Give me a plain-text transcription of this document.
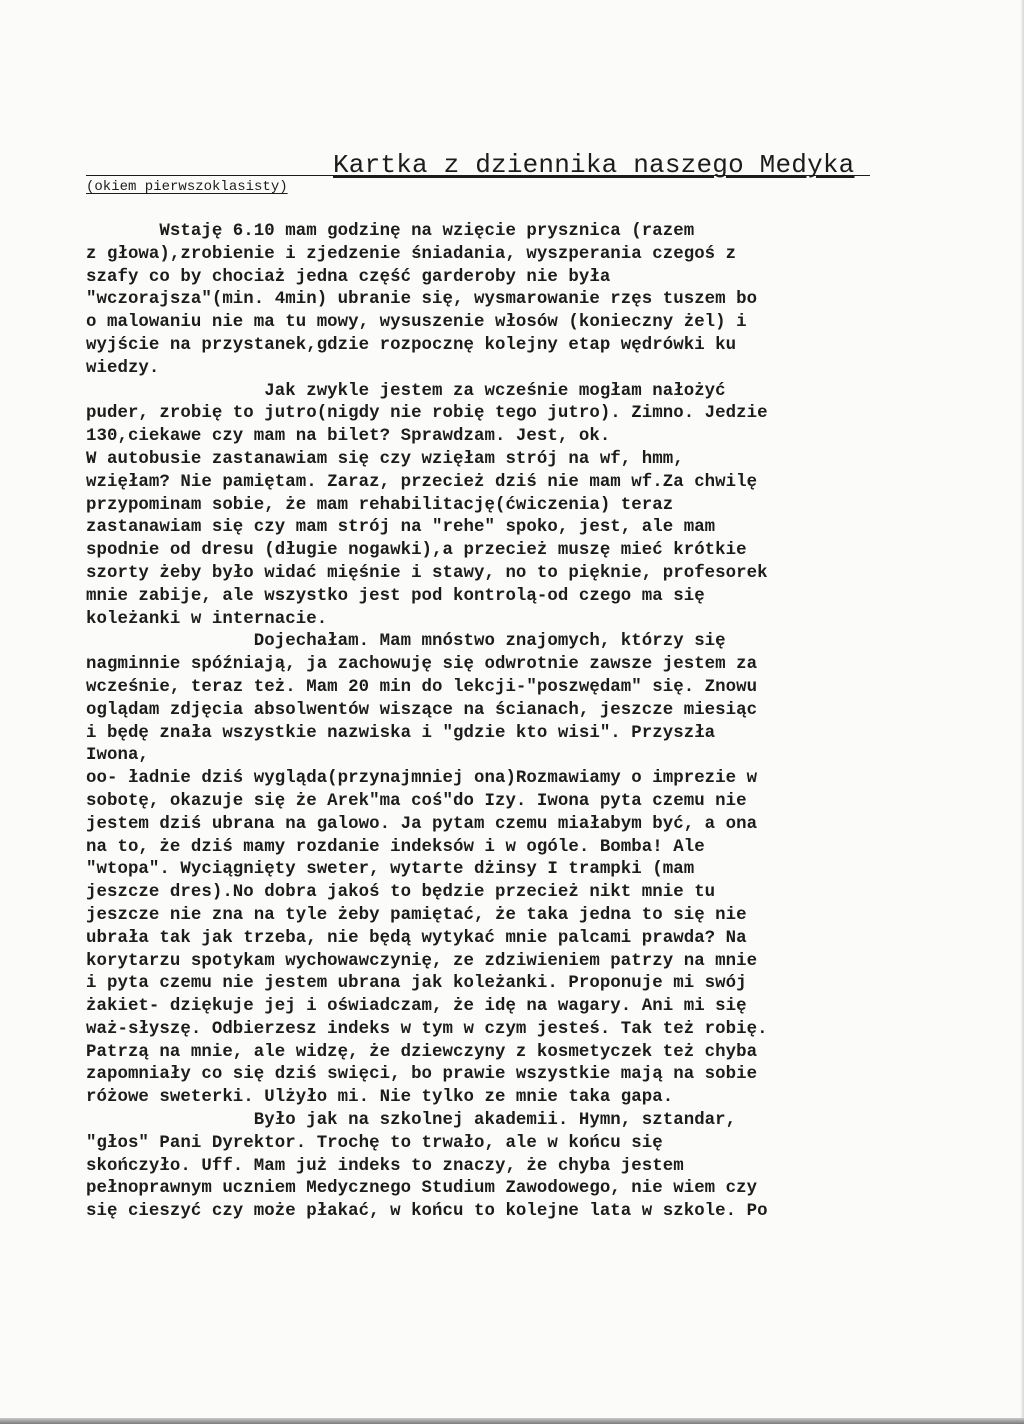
Kartka z dziennika naszego Medyka
(okiem pierwszoklasisty)
Wstaję 6.10 mam godzinę na wzięcie prysznica (razem
z głowa),zrobienie i zjedzenie śniadania, wyszperania czegoś z
szafy co by chociaż jedna część garderoby nie była
"wczorajsza"(min. 4min) ubranie się, wysmarowanie rzęs tuszem bo
o malowaniu nie ma tu mowy, wysuszenie włosów (konieczny żel) i
wyjście na przystanek,gdzie rozpocznę kolejny etap wędrówki ku
wiedzy.
Jak zwykle jestem za wcześnie mogłam nałożyć
puder, zrobię to jutro(nigdy nie robię tego jutro). Zimno. Jedzie
130,ciekawe czy mam na bilet? Sprawdzam. Jest, ok.
W autobusie zastanawiam się czy wzięłam strój na wf, hmm,
wzięłam? Nie pamiętam. Zaraz, przecież dziś nie mam wf.Za chwilę
przypominam sobie, że mam rehabilitację(ćwiczenia) teraz
zastanawiam się czy mam strój na "rehe" spoko, jest, ale mam
spodnie od dresu (długie nogawki),a przecież muszę mieć krótkie
szorty żeby było widać mięśnie i stawy, no to pięknie, profesorek
mnie zabije, ale wszystko jest pod kontrolą-od czego ma się
koleżanki w internacie.
Dojechałam. Mam mnóstwo znajomych, którzy się
nagminnie spóźniają, ja zachowuję się odwrotnie zawsze jestem za
wcześnie, teraz też. Mam 20 min do lekcji-"poszwędam" się. Znowu
oglądam zdjęcia absolwentów wiszące na ścianach, jeszcze miesiąc
i będę znała wszystkie nazwiska i "gdzie kto wisi". Przyszła
Iwona,
oo- ładnie dziś wygląda(przynajmniej ona)Rozmawiamy o imprezie w
sobotę, okazuje się że Arek"ma coś"do Izy. Iwona pyta czemu nie
jestem dziś ubrana na galowo. Ja pytam czemu miałabym być, a ona
na to, że dziś mamy rozdanie indeksów i w ogóle. Bomba! Ale
"wtopa". Wyciągnięty sweter, wytarte dżinsy I trampki (mam
jeszcze dres).No dobra jakoś to będzie przecież nikt mnie tu
jeszcze nie zna na tyle żeby pamiętać, że taka jedna to się nie
ubrała tak jak trzeba, nie będą wytykać mnie palcami prawda? Na
korytarzu spotykam wychowawczynię, ze zdziwieniem patrzy na mnie
i pyta czemu nie jestem ubrana jak koleżanki. Proponuje mi swój
żakiet- dziękuje jej i oświadczam, że idę na wagary. Ani mi się
waż-słyszę. Odbierzesz indeks w tym w czym jesteś. Tak też robię.
Patrzą na mnie, ale widzę, że dziewczyny z kosmetyczek też chyba
zapomniały co się dziś swięci, bo prawie wszystkie mają na sobie
różowe sweterki. Ulżyło mi. Nie tylko ze mnie taka gapa.
Było jak na szkolnej akademii. Hymn, sztandar,
"głos" Pani Dyrektor. Trochę to trwało, ale w końcu się
skończyło. Uff. Mam już indeks to znaczy, że chyba jestem
pełnoprawnym uczniem Medycznego Studium Zawodowego, nie wiem czy
się cieszyć czy może płakać, w końcu to kolejne lata w szkole. Po
